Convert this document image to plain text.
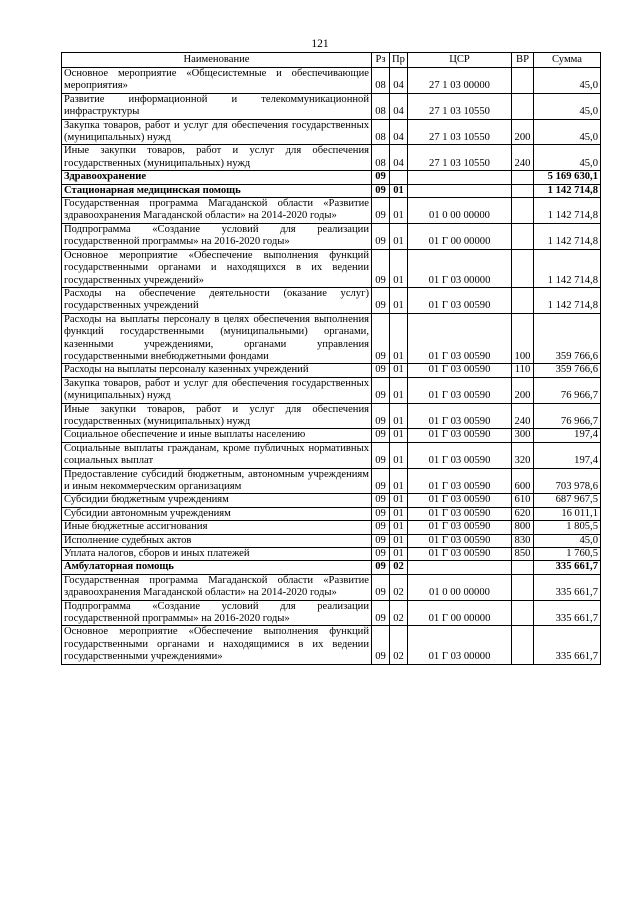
121
Наименование	Рз	Пр	ЦСР	ВР	Сумма
Основное мероприятие «Общесистемные и обеспечивающие мероприятия»	08	04	27 1 03 00000		45,0
Развитие информационной и телекоммуникационной инфраструктуры	08	04	27 1 03 10550		45,0
Закупка товаров, работ и услуг для обеспечения государственных (муниципальных) нужд	08	04	27 1 03 10550	200	45,0
Иные закупки товаров, работ и услуг для обеспечения государственных (муниципальных) нужд	08	04	27 1 03 10550	240	45,0
Здравоохранение	09				5 169 630,1
Стационарная медицинская помощь	09	01			1 142 714,8
Государственная программа Магаданской области «Развитие здравоохранения Магаданской области» на 2014-2020 годы»	09	01	01 0 00 00000		1 142 714,8
Подпрограмма «Создание условий для реализации государственной программы» на 2016-2020 годы»	09	01	01 Г 00 00000		1 142 714,8
Основное мероприятие «Обеспечение выполнения функций государственными органами и находящихся в их ведении государственных учреждений»	09	01	01 Г 03 00000		1 142 714,8
Расходы на обеспечение деятельности (оказание услуг) государственных учреждений	09	01	01 Г 03 00590		1 142 714,8
Расходы на выплаты персоналу в целях обеспечения выполнения функций государственными (муниципальными) органами, казенными учреждениями, органами управления государственными внебюджетными фондами	09	01	01 Г 03 00590	100	359 766,6
Расходы на выплаты персоналу казенных учреждений	09	01	01 Г 03 00590	110	359 766,6
Закупка товаров, работ и услуг для обеспечения государственных (муниципальных) нужд	09	01	01 Г 03 00590	200	76 966,7
Иные закупки товаров, работ и услуг для обеспечения государственных (муниципальных) нужд	09	01	01 Г 03 00590	240	76 966,7
Социальное обеспечение и иные выплаты населению	09	01	01 Г 03 00590	300	197,4
Социальные выплаты гражданам, кроме публичных нормативных социальных выплат	09	01	01 Г 03 00590	320	197,4
Предоставление субсидий бюджетным, автономным учреждениям и иным некоммерческим организациям	09	01	01 Г 03 00590	600	703 978,6
Субсидии бюджетным учреждениям	09	01	01 Г 03 00590	610	687 967,5
Субсидии автономным учреждениям	09	01	01 Г 03 00590	620	16 011,1
Иные бюджетные ассигнования	09	01	01 Г 03 00590	800	1 805,5
Исполнение судебных актов	09	01	01 Г 03 00590	830	45,0
Уплата налогов, сборов и иных платежей	09	01	01 Г 03 00590	850	1 760,5
Амбулаторная помощь	09	02			335 661,7
Государственная программа Магаданской области «Развитие здравоохранения Магаданской области» на 2014-2020 годы»	09	02	01 0 00 00000		335 661,7
Подпрограмма «Создание условий для реализации государственной программы» на 2016-2020 годы»	09	02	01 Г 00 00000		335 661,7
Основное мероприятие «Обеспечение выполнения функций государственными органами и находящимися в их ведении государственными учреждениями»	09	02	01 Г 03 00000		335 661,7
